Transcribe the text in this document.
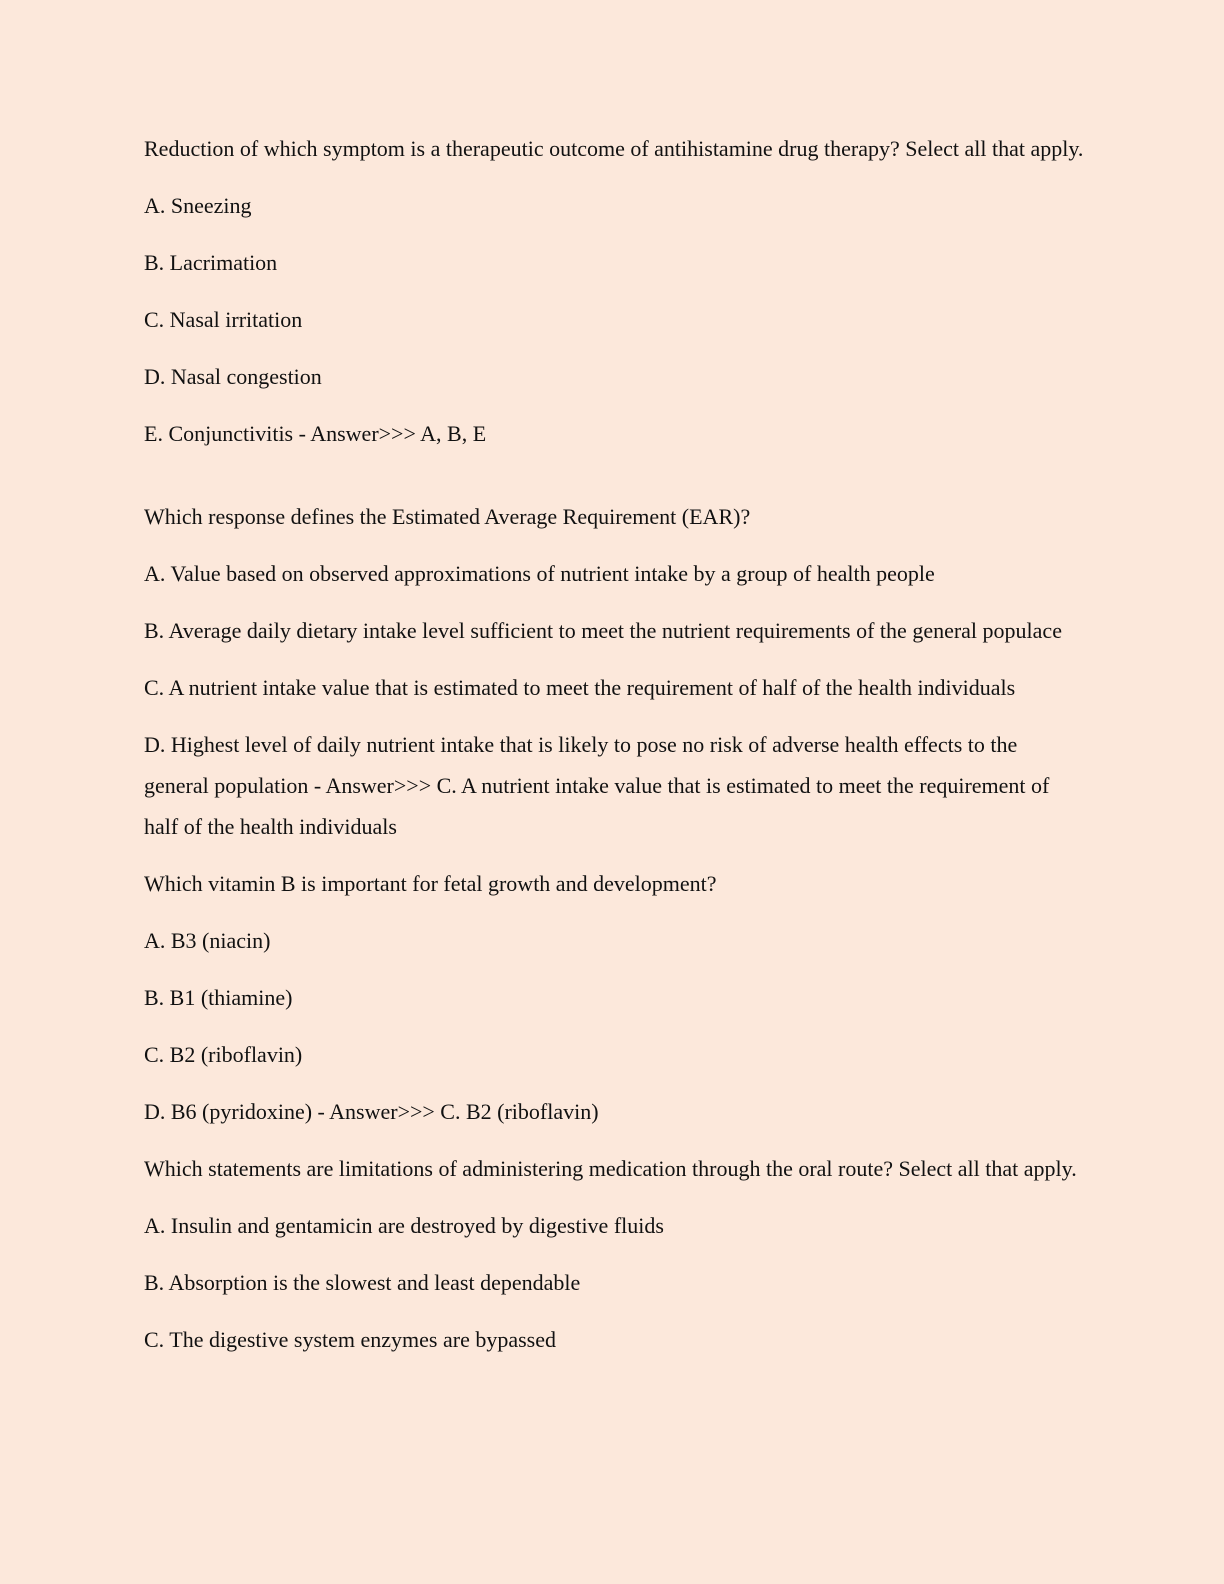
Reduction of which symptom is a therapeutic outcome of antihistamine drug therapy? Select all that apply.

A. Sneezing

B. Lacrimation

C. Nasal irritation

D. Nasal congestion

E. Conjunctivitis - Answer>>> A, B, E

Which response defines the Estimated Average Requirement (EAR)?

A. Value based on observed approximations of nutrient intake by a group of health people

B. Average daily dietary intake level sufficient to meet the nutrient requirements of the general populace

C. A nutrient intake value that is estimated to meet the requirement of half of the health individuals

D. Highest level of daily nutrient intake that is likely to pose no risk of adverse health effects to the general population - Answer>>> C. A nutrient intake value that is estimated to meet the requirement of half of the health individuals

Which vitamin B is important for fetal growth and development?

A. B3 (niacin)

B. B1 (thiamine)

C. B2 (riboflavin)

D. B6 (pyridoxine) - Answer>>> C. B2 (riboflavin)

Which statements are limitations of administering medication through the oral route? Select all that apply.

A. Insulin and gentamicin are destroyed by digestive fluids

B. Absorption is the slowest and least dependable

C. The digestive system enzymes are bypassed
